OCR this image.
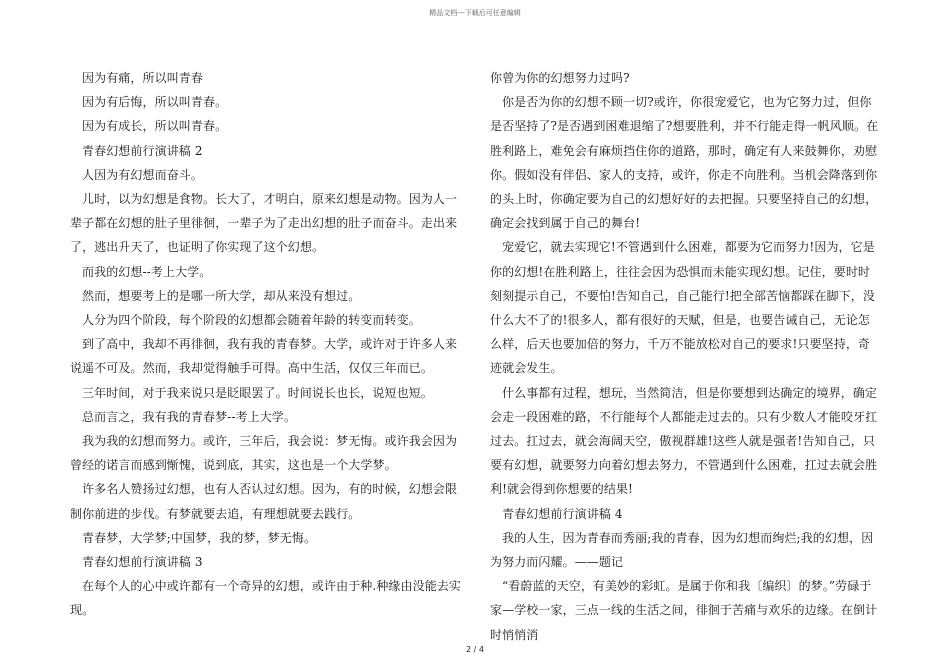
精品文档---下载后可任意编辑

因为有痛，所以叫青春

因为有后悔，所以叫青春。

因为有成长，所以叫青春。

青春幻想前行演讲稿 2

人因为有幻想而奋斗。

儿时，以为幻想是食物。长大了，才明白，原来幻想是动物。因为人一辈子都在幻想的肚子里徘徊，一辈子为了走出幻想的肚子而奋斗。走出来了，逃出升天了，也证明了你实现了这个幻想。

而我的幻想--考上大学。

然而，想要考上的是哪一所大学，却从来没有想过。

人分为四个阶段，每个阶段的幻想都会随着年龄的转变而转变。

到了高中，我却不再徘徊，我有我的青春梦。大学，或许对于许多人来说遥不可及。然而，我却觉得触手可得。高中生活，仅仅三年而已。

三年时间，对于我来说只是眨眼罢了。时间说长也长，说短也短。

总而言之，我有我的青春梦--考上大学。

我为我的幻想而努力。或许，三年后，我会说：梦无悔。或许我会因为曾经的诺言而感到惭愧，说到底，其实，这也是一个大学梦。

许多名人赞扬过幻想，也有人否认过幻想。因为，有的时候，幻想会限制你前进的步伐。有梦就要去追，有理想就要去践行。

青春梦，大学梦;中国梦，我的梦，梦无悔。

青春幻想前行演讲稿 3

在每个人的心中或许都有一个奇异的幻想，或许由于种.种缘由没能去实现。

你曾为你的幻想努力过吗?

你是否为你的幻想不顾一切?或许，你很宠爱它，也为它努力过，但你是否坚持了?是否遇到困难退缩了?想要胜利，并不行能走得一帆风顺。在胜利路上，难免会有麻烦挡住你的道路，那时，确定有人来鼓舞你，劝慰你。假如没有伴侣、家人的支持，或许，你走不向胜利。当机会降落到你的头上时，你确定要为自己的幻想好好的去把握。只要坚持自己的幻想，确定会找到属于自己的舞台!

宠爱它，就去实现它!不管遇到什么困难，都要为它而努力!因为，它是你的幻想!在胜利路上，往往会因为恐惧而未能实现幻想。记住，要时时刻刻提示自己，不要怕!告知自己，自己能行!把全部苦恼都踩在脚下，没什么大不了的!很多人，都有很好的天赋，但是，也要告诫自己，无论怎么样，后天也要加倍的努力，千万不能放松对自己的要求!只要坚持，奇迹就会发生。

什么事都有过程，想玩，当然简洁，但是你要想到达确定的境界，确定会走一段困难的路，不行能每个人都能走过去的。只有少数人才能咬牙扛过去。扛过去，就会海阔天空，傲视群雄!这些人就是强者!告知自己，只要有幻想，就要努力向着幻想去努力，不管遇到什么困难，扛过去就会胜利!就会得到你想要的结果!

青春幻想前行演讲稿 4

我的人生，因为青春而秀丽;我的青春，因为幻想而绚烂;我的幻想，因为努力而闪耀。——题记

“看蔚蓝的天空，有美妙的彩虹。是属于你和我〔编织〕的梦。”劳碌于家—学校一家，三点一线的生活之间，徘徊于苦痛与欢乐的边缘。在倒计时悄悄消

2 / 4
